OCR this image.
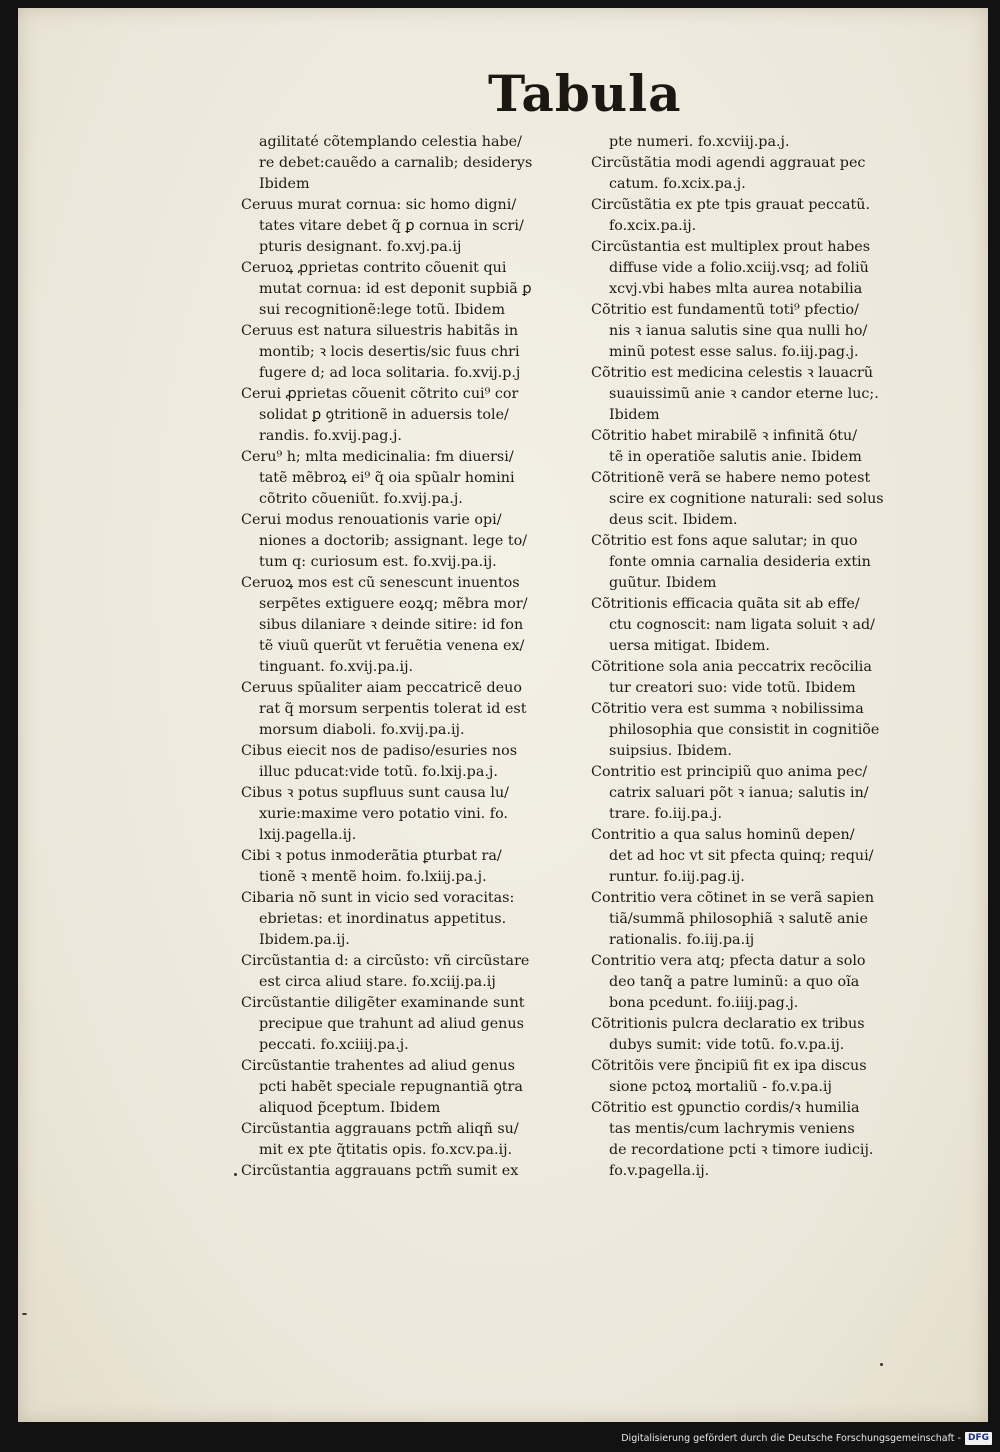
Tabula
agilitaté cõtemplando celestia habe/
re debet:cauẽdo a carnalib; desiderys
Ibidem
Ceruus murat cornua: sic homo digni/
tates vitare debet q̃ ꝑ cornua in scri/
pturis designant. fo.xvj.pa.ij
Ceruoꝝ ꝓprietas contrito cõuenit qui
mutat cornua: id est deponit supbiã ꝑ
sui recognitionẽ:lege totũ. Ibidem
Ceruus est natura siluestris habitãs in
montib; ꝛ locis desertis/sic fuus chri
fugere d; ad loca solitaria. fo.xvij.p.j
Cerui ꝓprietas cõuenit cõtrito cui⁹ cor
solidat ꝑ ꝯtritionẽ in aduersis tole/
randis. fo.xvij.pag.j.
Ceru⁹ h; mlta medicinalia: fm diuersi/
tatẽ mẽbroꝝ ei⁹ q̃ oia spũalr homini
cõtrito cõueniũt. fo.xvij.pa.j.
Cerui modus renouationis varie opi/
niones a doctorib; assignant. lege to/
tum q: curiosum est. fo.xvij.pa.ij.
Ceruoꝝ mos est cũ senescunt inuentos
serpẽtes extiguere eoꝝq; mẽbra mor/
sibus dilaniare ꝛ deinde sitire: id fon
tẽ viuũ querũt vt feruẽtia venena ex/
tinguant. fo.xvij.pa.ij.
Ceruus spũaliter aiam peccatricẽ deuo
rat q̃ morsum serpentis tolerat id est
morsum diaboli. fo.xvij.pa.ij.
Cibus eiecit nos de padiso/esuries nos
illuc pducat:vide totũ. fo.lxij.pa.j.
Cibus ꝛ potus supfluus sunt causa lu/
xurie:maxime vero potatio vini. fo.
lxij.pagella.ij.
Cibi ꝛ potus inmoderãtia ꝑturbat ra/
tionẽ ꝛ mentẽ hoim. fo.lxiij.pa.j.
Cibaria nõ sunt in vicio sed voracitas:
ebrietas: et inordinatus appetitus.
Ibidem.pa.ij.
Circũstantia d: a circũsto: vñ circũstare
est circa aliud stare. fo.xciij.pa.ij
Circũstantie diligẽter examinande sunt
precipue que trahunt ad aliud genus
peccati. fo.xciiij.pa.j.
Circũstantie trahentes ad aliud genus
pcti habẽt speciale repugnantiã ꝯtra
aliquod p̃ceptum. Ibidem
Circũstantia aggrauans pctm̃ aliqñ su/
mit ex pte q̃titatis opis. fo.xcv.pa.ij.
Circũstantia aggrauans pctm̃ sumit ex
pte numeri. fo.xcviij.pa.j.
Circũstãtia modi agendi aggrauat pec
catum. fo.xcix.pa.j.
Circũstãtia ex pte tpis grauat peccatũ.
fo.xcix.pa.ij.
Circũstantia est multiplex prout habes
diffuse vide a folio.xciij.vsq; ad foliũ
xcvj.vbi habes mlta aurea notabilia
Cõtritio est fundamentũ toti⁹ pfectio/
nis ꝛ ianua salutis sine qua nulli ho/
minũ potest esse salus. fo.iij.pag.j.
Cõtritio est medicina celestis ꝛ lauacrũ
suauissimũ anie ꝛ candor eterne luc;.
Ibidem
Cõtritio habet mirabilẽ ꝛ infinitã ỽtu/
tẽ in operatiõe salutis anie. Ibidem
Cõtritionẽ verã se habere nemo potest
scire ex cognitione naturali: sed solus
deus scit. Ibidem.
Cõtritio est fons aque salutar; in quo
fonte omnia carnalia desideria extin
guũtur. Ibidem
Cõtritionis efficacia quãta sit ab effe/
ctu cognoscit: nam ligata soluit ꝛ ad/
uersa mitigat. Ibidem.
Cõtritione sola ania peccatrix recõcilia
tur creatori suo: vide totũ. Ibidem
Cõtritio vera est summa ꝛ nobilissima
philosophia que consistit in cognitiõe
suipsius. Ibidem.
Contritio est principiũ quo anima pec/
catrix saluari põt ꝛ ianua; salutis in/
trare. fo.iij.pa.j.
Contritio a qua salus hominũ depen/
det ad hoc vt sit pfecta quinq; requi/
runtur. fo.iij.pag.ij.
Contritio vera cõtinet in se verã sapien
tiã/summã philosophiã ꝛ salutẽ anie
rationalis. fo.iij.pa.ij
Contritio vera atq; pfecta datur a solo
deo tanq̃ a patre luminũ: a quo oĩa
bona pcedunt. fo.iiij.pag.j.
Cõtritionis pulcra declaratio ex tribus
dubys sumit: vide totũ. fo.v.pa.ij.
Cõtritõis vere p̃ncipiũ fit ex ipa discus
sione pctoꝝ mortaliũ - fo.v.pa.ij
Cõtritio est ꝯpunctio cordis/ꝛ humilia
tas mentis/cum lachrymis veniens
de recordatione pcti ꝛ timore iudicij.
fo.v.pagella.ij.
Digitalisierung gefördert durch die Deutsche Forschungsgemeinschaft - DFG
